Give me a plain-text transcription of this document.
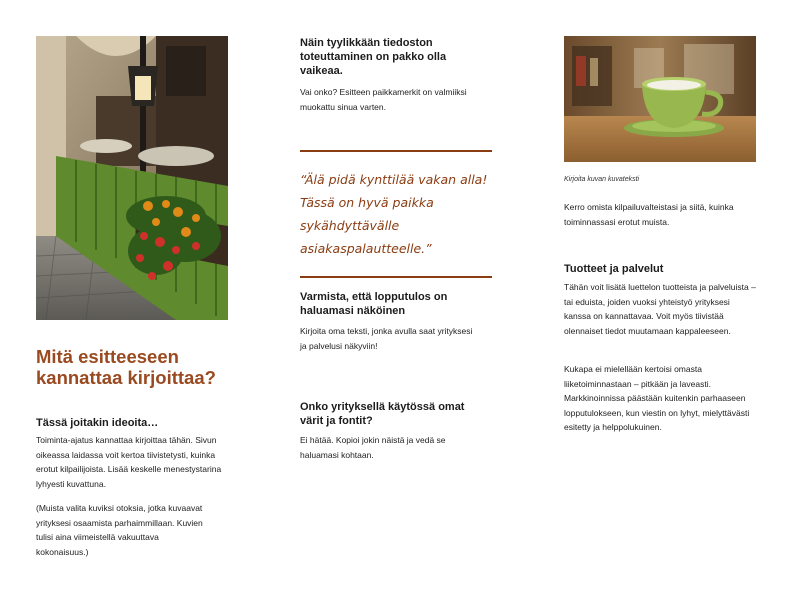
Mitä esitteeseen kannattaa kirjoittaa?
Tässä joitakin ideoita…
Toiminta-ajatus kannattaa kirjoittaa tähän. Sivun oikeassa laidassa voit kertoa tiivistetysti, kuinka erotut kilpailijoista. Lisää keskelle menestystarina lyhyesti kuvattuna.
(Muista valita kuviksi otoksia, jotka kuvaavat yrityksesi osaamista parhaimmillaan. Kuvien tulisi aina viimeistellä vakuuttava kokonaisuus.)
Näin tyylikkään tiedoston toteuttaminen on pakko olla vaikeaa.
Vai onko? Esitteen paikkamerkit on valmiiksi muokattu sinua varten.
“Älä pidä kynttilää vakan alla! Tässä on hyvä paikka sykähdyttävälle asiakaspalautteelle.”
Varmista, että lopputulos on haluamasi näköinen
Kirjoita oma teksti, jonka avulla saat yrityksesi ja palvelusi näkyviin!
Onko yrityksellä käytössä omat värit ja fontit?
Ei hätää. Kopioi jokin näistä ja vedä se haluamasi kohtaan.
Kirjoita kuvan kuvateksti
Kerro omista kilpailuvalteistasi ja siitä, kuinka toiminnassasi erotut muista.
Tuotteet ja palvelut
Tähän voit lisätä luettelon tuotteista ja palveluista – tai eduista, joiden vuoksi yhteistyö yrityksesi kanssa on kannattavaa. Voit myös tiivistää olennaiset tiedot muutamaan kappaleeseen.
Kukapa ei mielellään kertoisi omasta liiketoiminnastaan – pitkään ja laveasti. Markkinoinnissa päästään kuitenkin parhaaseen lopputulokseen, kun viestin on lyhyt, mielyttävästi esitetty ja helppolukuinen.
